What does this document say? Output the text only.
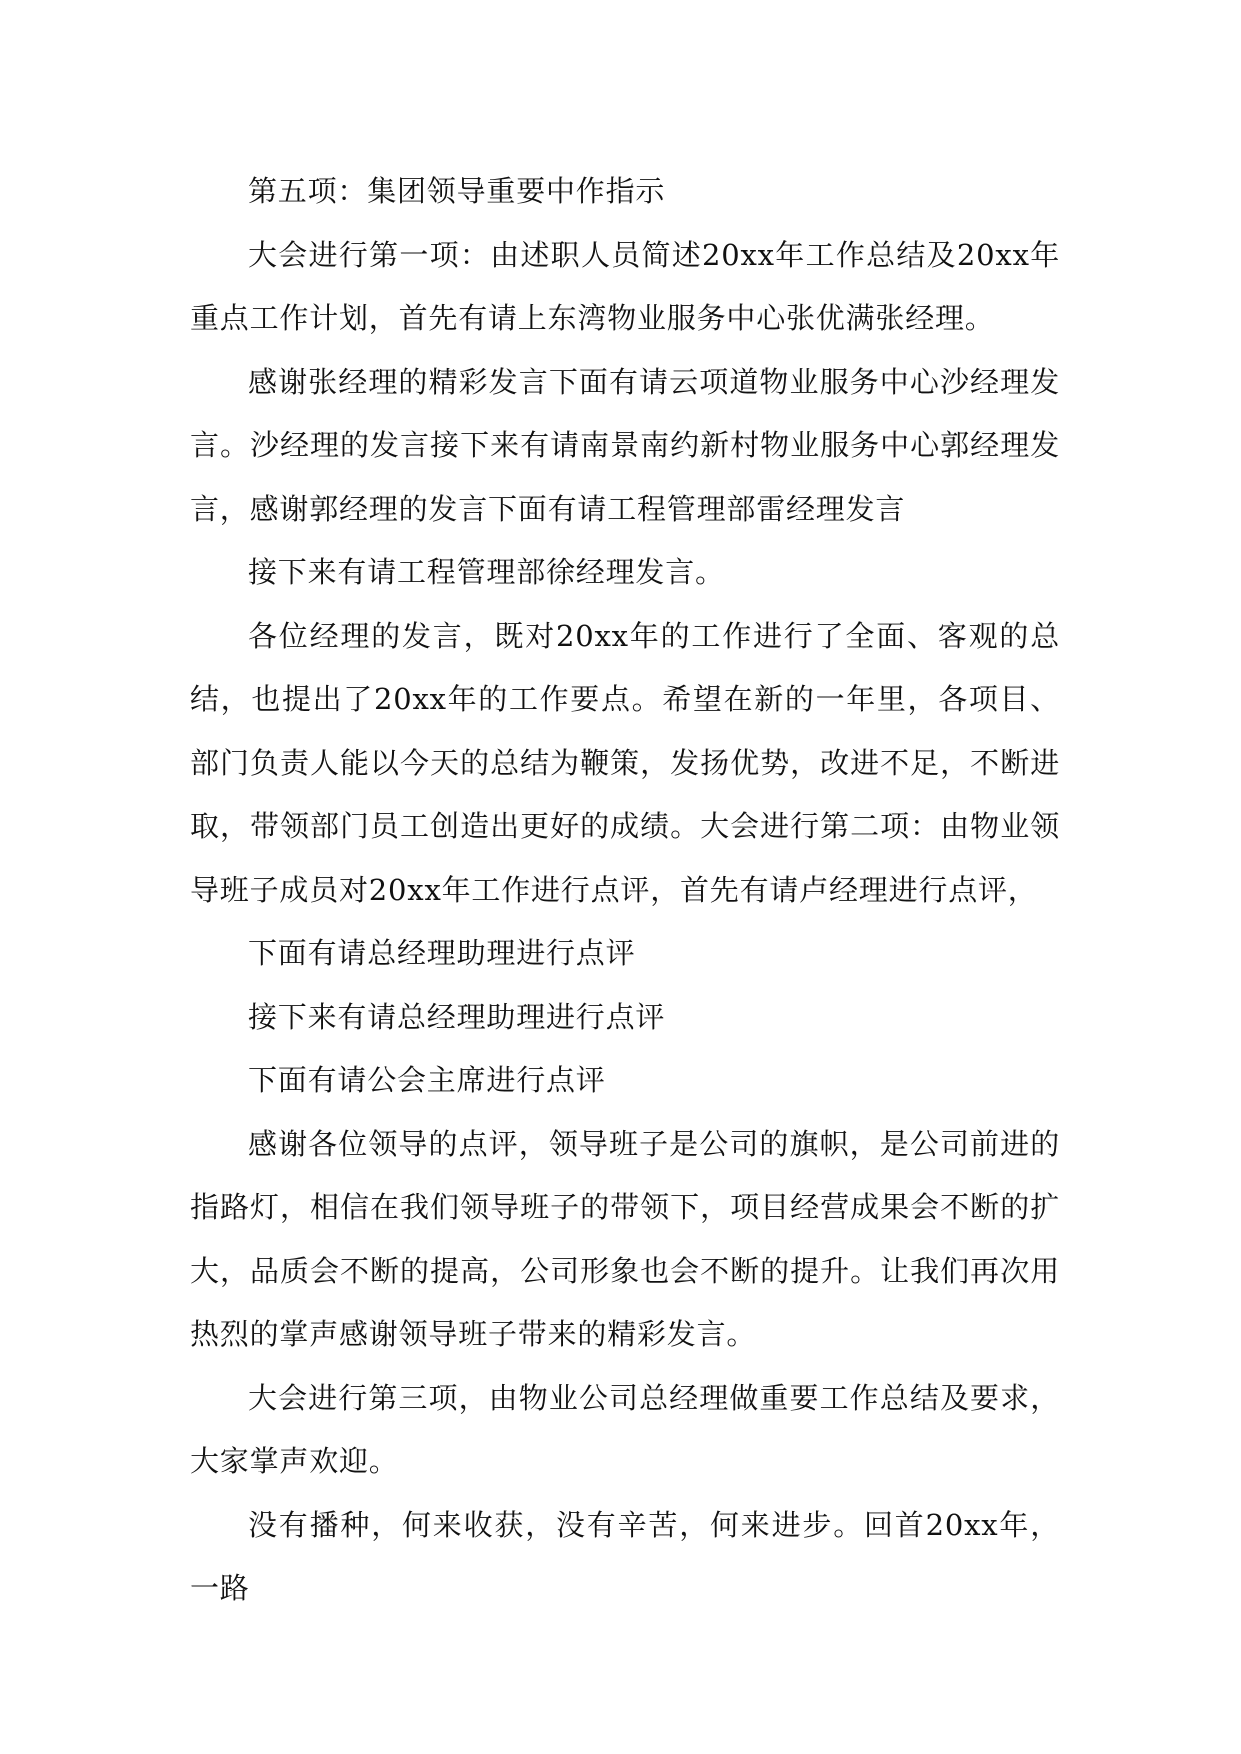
第五项：集团领导重要中作指示

大会进行第一项：由述职人员简述20xx年工作总结及20xx年重点工作计划，首先有请上东湾物业服务中心张优满张经理。

感谢张经理的精彩发言下面有请云项道物业服务中心沙经理发言。沙经理的发言接下来有请南景南约新村物业服务中心郭经理发言，感谢郭经理的发言下面有请工程管理部雷经理发言

接下来有请工程管理部徐经理发言。

各位经理的发言，既对20xx年的工作进行了全面、客观的总结，也提出了20xx年的工作要点。希望在新的一年里，各项目、部门负责人能以今天的总结为鞭策，发扬优势，改进不足，不断进取，带领部门员工创造出更好的成绩。大会进行第二项：由物业领导班子成员对20xx年工作进行点评，首先有请卢经理进行点评，

下面有请总经理助理进行点评

接下来有请总经理助理进行点评

下面有请公会主席进行点评

感谢各位领导的点评，领导班子是公司的旗帜，是公司前进的指路灯，相信在我们领导班子的带领下，项目经营成果会不断的扩大，品质会不断的提高，公司形象也会不断的提升。让我们再次用热烈的掌声感谢领导班子带来的精彩发言。

大会进行第三项，由物业公司总经理做重要工作总结及要求，大家掌声欢迎。

没有播种，何来收获，没有辛苦，何来进步。回首20xx年，一路
